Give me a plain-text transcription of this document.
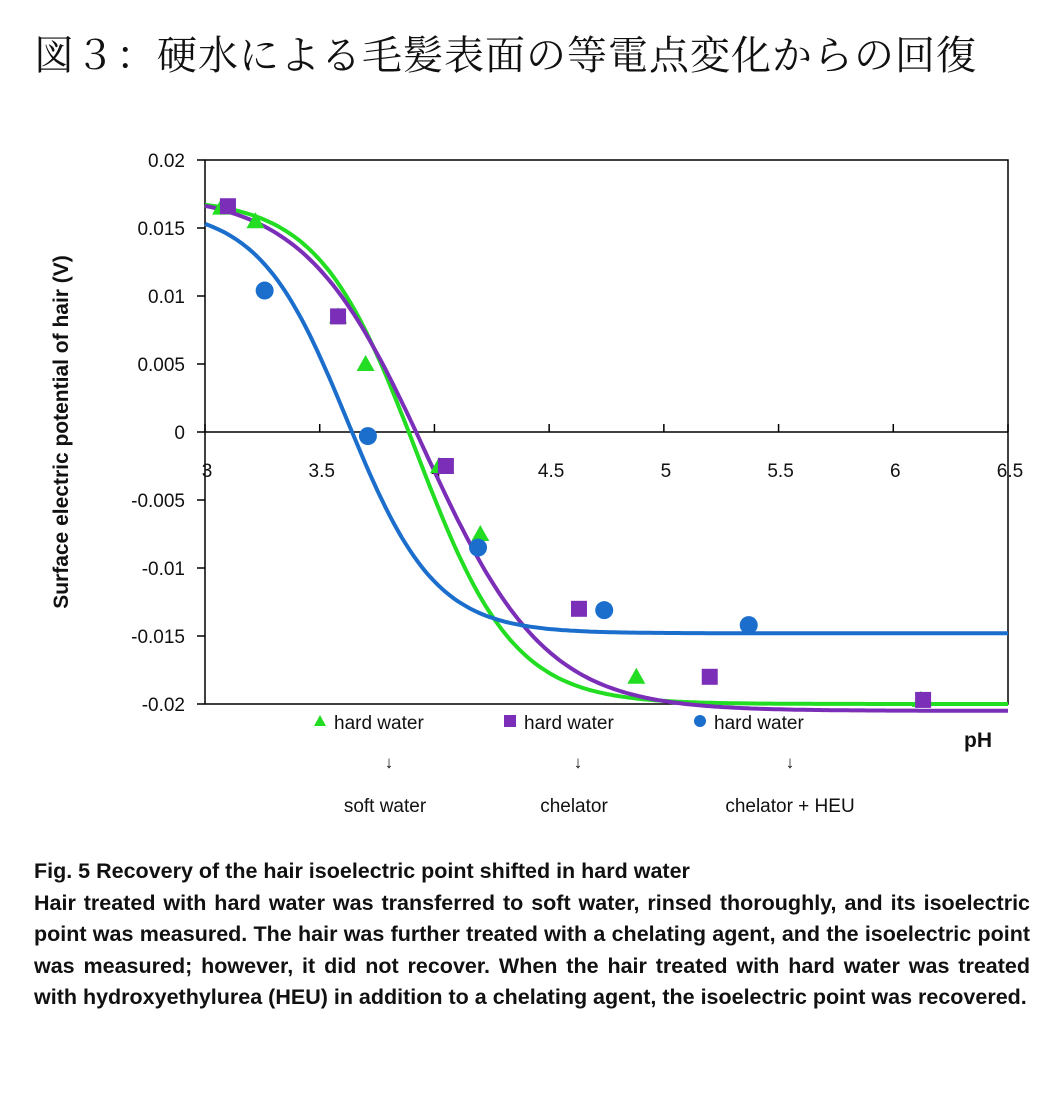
図３：硬水による毛髪表面の等電点変化からの回復
0.02
0.015
0.01
0.005
0
-0.005
-0.01
-0.015
-0.02
3	3.5	4.5	5	5.5	6	6.5
Surface electric potential of hair (V)
pH
hard water
↓
soft water
hard water
↓
chelator
hard water
↓
chelator + HEU
Fig. 5 Recovery of the hair isoelectric point shifted in hard water
Hair treated with hard water was transferred to soft water, rinsed thoroughly, and its isoelectric point was measured. The hair was further treated with a chelating agent, and the isoelectric point was measured; however, it did not recover. When the hair treated with hard water was treated with hydroxyethylurea (HEU) in addition to a chelating agent, the isoelectric point was recovered.
